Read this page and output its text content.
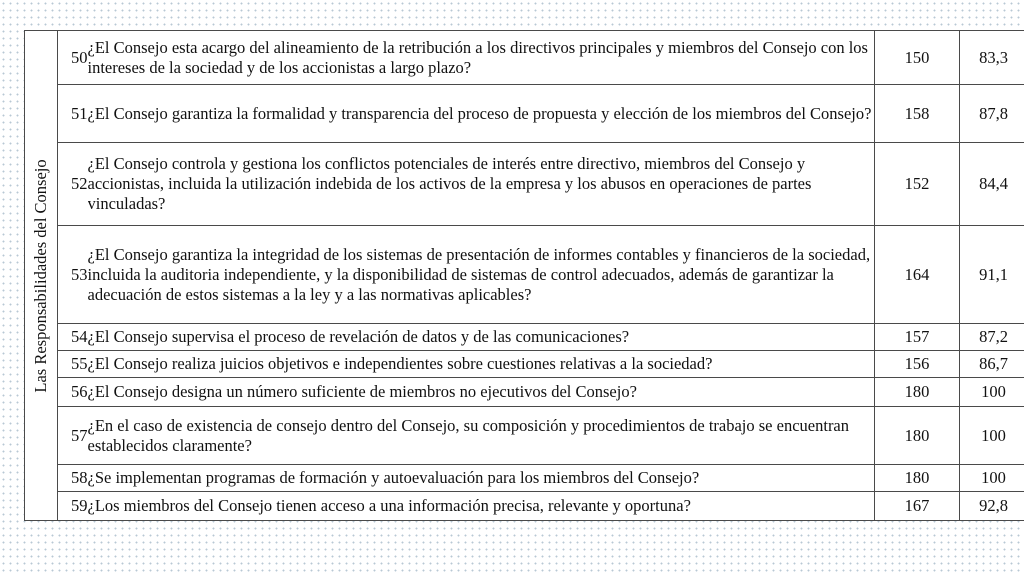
Las Responsabilidades del Consejo	50	¿El Consejo esta acargo del alineamiento de la retribución a los directivos principales y miembros del Consejo con los intereses de la sociedad y de los accionistas a largo plazo?	150	83,3
	51	¿El Consejo garantiza la formalidad y transparencia del proceso de propuesta y elección de los miembros del Consejo?	158	87,8
	52	¿El Consejo controla y gestiona los conflictos potenciales de interés entre directivo, miembros del Consejo y accionistas, incluida la utilización indebida de los activos de la empresa y los abusos en operaciones de partes vinculadas?	152	84,4
	53	¿El Consejo garantiza la integridad de los sistemas de presentación de informes contables y financieros de la sociedad, incluida la auditoria independiente, y la disponibilidad de sistemas de control adecuados, además de garantizar la adecuación de estos sistemas a la ley y a las normativas aplicables?	164	91,1
	54	¿El Consejo supervisa el proceso de revelación de datos y de las comunicaciones?	157	87,2
	55	¿El Consejo realiza juicios objetivos e independientes sobre cuestiones relativas a la sociedad?	156	86,7
	56	¿El Consejo designa un número suficiente de miembros no ejecutivos del Consejo?	180	100
	57	¿En el caso de existencia de consejo dentro del Consejo, su composición y procedimientos de trabajo se encuentran establecidos claramente?	180	100
	58	¿Se implementan programas de formación y autoevaluación para los miembros del Consejo?	180	100
	59	¿Los miembros del Consejo tienen acceso a una información precisa, relevante y oportuna?	167	92,8
